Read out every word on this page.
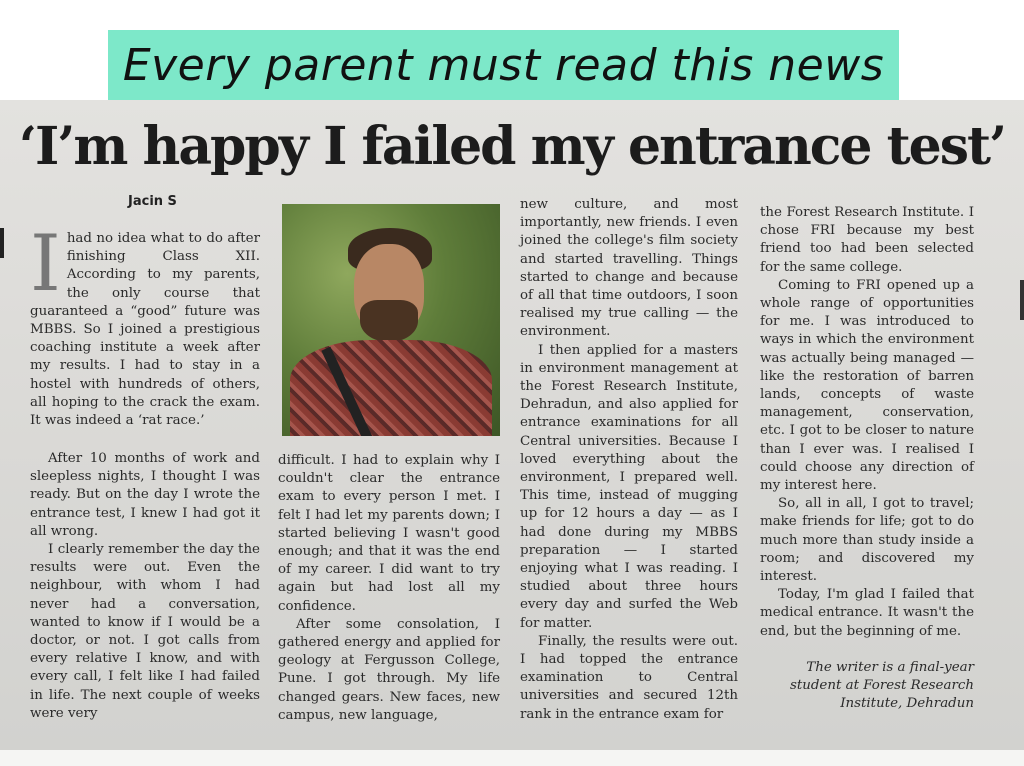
Every parent must read this news
‘I’m happy I failed my entrance test’
Jacin S

Ihad no idea what to do after finishing Class XII. According to my parents, the only course that guaranteed a “good” future was MBBS. So I joined a prestigious coaching institute a week after my results. I had to stay in a hostel with hundreds of others, all hoping to the crack the exam. It was indeed a ‘rat race.’

After 10 months of work and sleepless nights, I thought I was ready. But on the day I wrote the entrance test, I knew I had got it all wrong.

I clearly remember the day the results were out. Even the neighbour, with whom I had never had a conversation, wanted to know if I would be a doctor, or not. I got calls from every relative I know, and with every call, I felt like I had failed in life. The next couple of weeks were very

difficult. I had to explain why I couldn't clear the entrance exam to every person I met. I felt I had let my parents down; I started believing I wasn't good enough; and that it was the end of my career. I did want to try again but had lost all my confidence.

After some consolation, I gathered energy and applied for geology at Fergusson College, Pune. I got through. My life changed gears. New faces, new campus, new language,

new culture, and most importantly, new friends. I even joined the college's film society and started travelling. Things started to change and because of all that time outdoors, I soon realised my true calling — the environment.

I then applied for a masters in environment management at the Forest Research Institute, Dehradun, and also applied for entrance examinations for all Central universities. Because I loved everything about the environment, I prepared well. This time, instead of mugging up for 12 hours a day — as I had done during my MBBS preparation — I started enjoying what I was reading. I studied about three hours every day and surfed the Web for matter.

Finally, the results were out. I had topped the entrance examination to Central universities and secured 12th rank in the entrance exam for

the Forest Research Institute. I chose FRI because my best friend too had been selected for the same college.

Coming to FRI opened up a whole range of opportunities for me. I was introduced to ways in which the environment was actually being managed — like the restoration of barren lands, concepts of waste management, conservation, etc. I got to be closer to nature than I ever was. I realised I could choose any direction of my interest here.

So, all in all, I got to travel; make friends for life; got to do much more than study inside a room; and discovered my interest.

Today, I'm glad I failed that medical entrance. It wasn't the end, but the beginning of me.

The writer is a final-year student at Forest Research Institute, Dehradun
